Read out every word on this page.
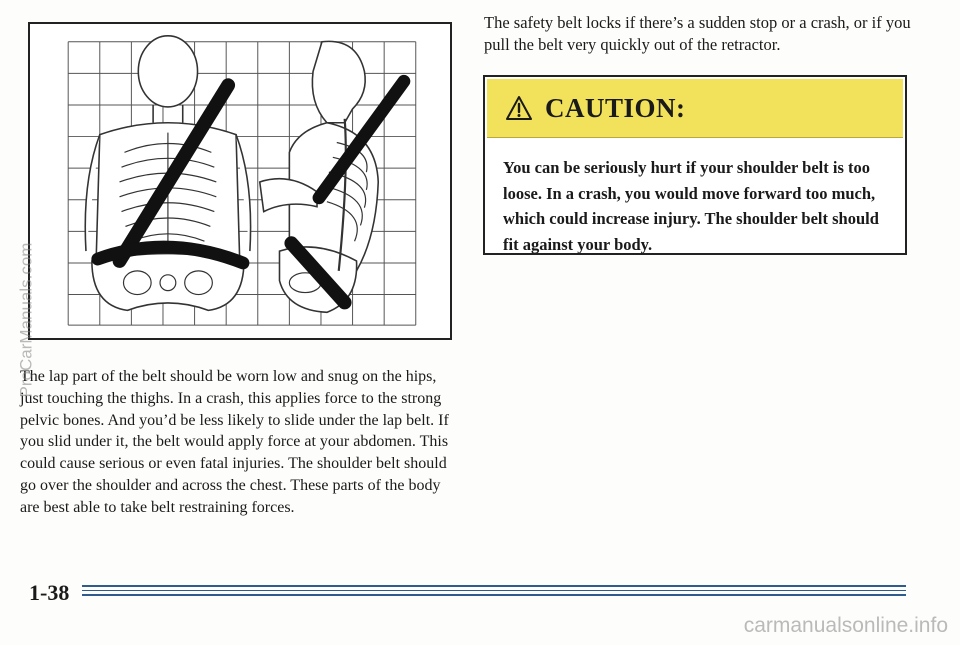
The lap part of the belt should be worn low and snug on the hips, just touching the thighs. In a crash, this applies force to the strong pelvic bones. And you’d be less likely to slide under the lap belt. If you slid under it, the belt would apply force at your abdomen. This could cause serious or even fatal injuries. The shoulder belt should go over the shoulder and across the chest. These parts of the body are best able to take belt restraining forces.

The safety belt locks if there’s a sudden stop or a crash, or if you pull the belt very quickly out of the retractor.

CAUTION:

You can be seriously hurt if your shoulder belt is too loose. In a crash, you would move forward too much, which could increase injury. The shoulder belt should fit against your body.

1-38
ProCarManuals.com
carmanualsonline.info
